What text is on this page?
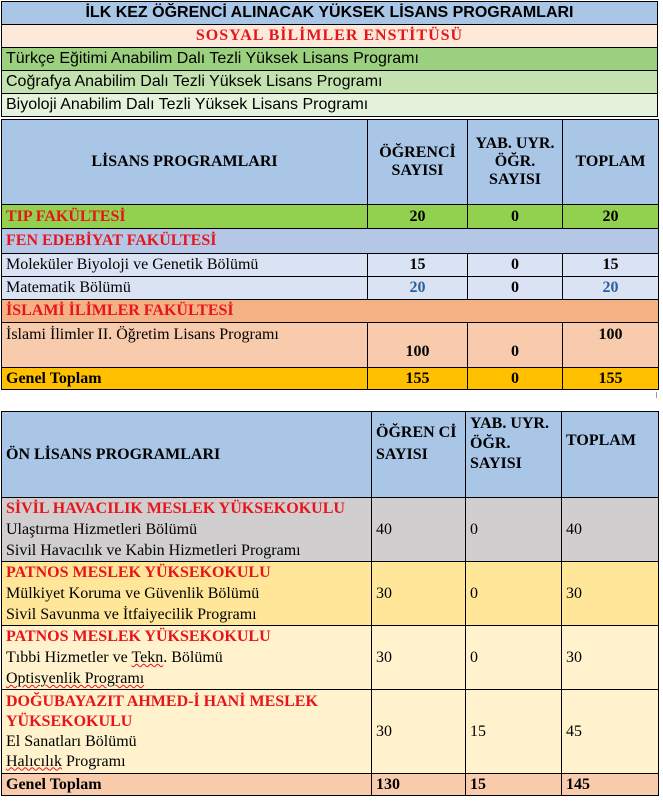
İLK KEZ ÖĞRENCİ ALINACAK YÜKSEK LİSANS PROGRAMLARI
SOSYAL BİLİMLER ENSTİTÜSÜ
Türkçe Eğitimi Anabilim Dalı Tezli Yüksek Lisans Programı
Coğrafya Anabilim Dalı Tezli Yüksek Lisans Programı
Biyoloji Anabilim Dalı Tezli Yüksek Lisans Programı
LİSANS PROGRAMLARI	ÖĞRENCİ SAYISI	YAB. UYR. ÖĞR. SAYISI	TOPLAM
TIP FAKÜLTESİ	20	0	20
FEN EDEBİYAT FAKÜLTESİ			
Moleküler Biyoloji ve Genetik Bölümü	15	0	15
Matematik Bölümü	20	0	20
İSLAMİ İLİMLER FAKÜLTESİ			
İslami İlimler II. Öğretim Lisans Programı	100	0	100
Genel Toplam	155	0	155
ÖN LİSANS PROGRAMLARI	ÖĞREN Cİ SAYISI	YAB. UYR. ÖĞR. SAYISI	TOPLAM

SİVİL HAVACILIK MESLEK YÜKSEKOKULU
Ulaştırma Hizmetleri Bölümü
Sivil Havacılık ve Kabin Hizmetleri Programı	40	0	40

PATNOS MESLEK YÜKSEKOKULU
Mülkiyet Koruma ve Güvenlik Bölümü
Sivil Savunma ve İtfaiyecilik Programı	30	0	30

PATNOS MESLEK YÜKSEKOKULU
Tıbbi Hizmetler ve Tekn. Bölümü
Optisyenlik Programı	30	0	30

DOĞUBAYAZIT AHMED-İ HANİ MESLEK YÜKSEKOKULU
El Sanatları Bölümü
Halıcılık Programı	30	15	45
Genel Toplam	130	15	145
